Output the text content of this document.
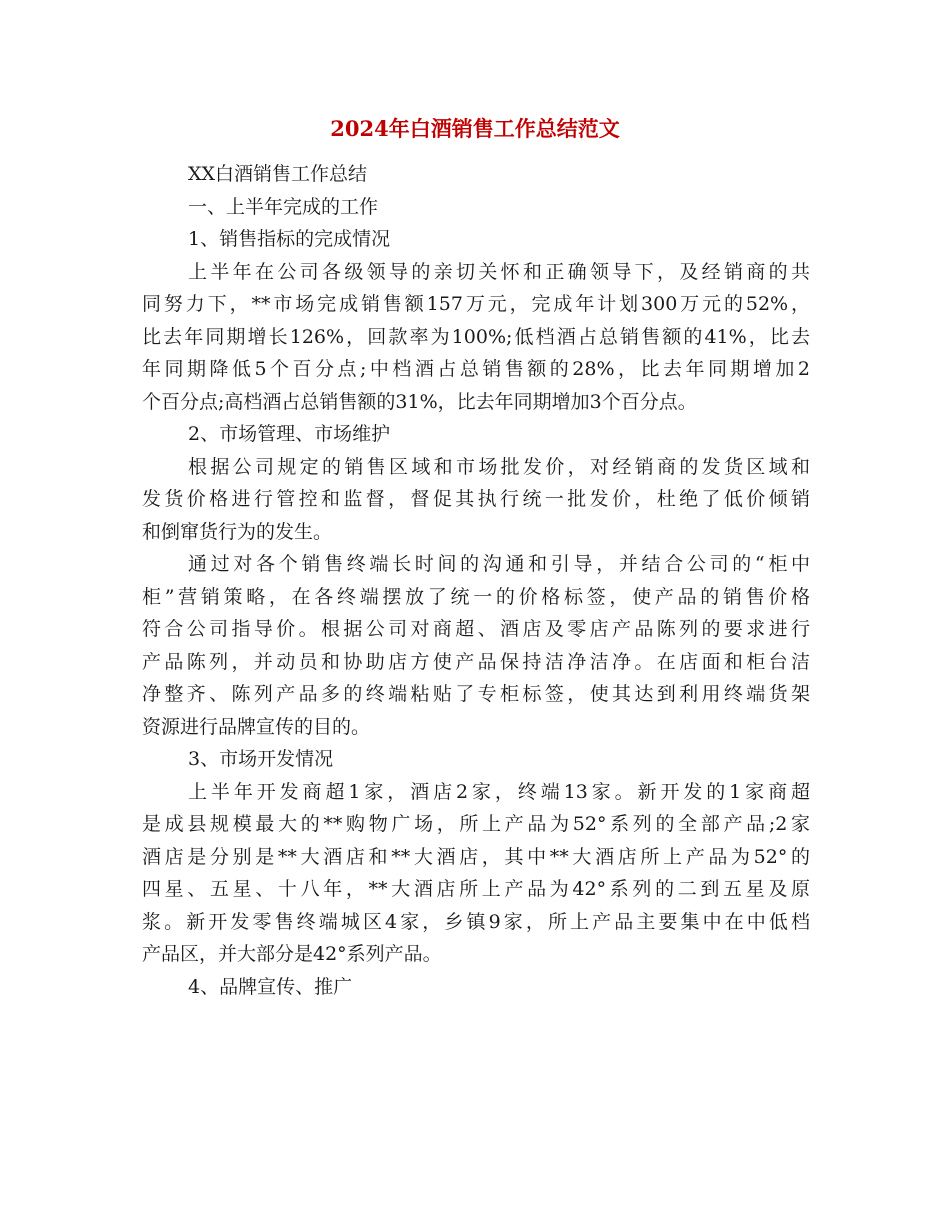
2024年白酒销售工作总结范文

XX白酒销售工作总结

一、上半年完成的工作

1、销售指标的完成情况

上半年在公司各级领导的亲切关怀和正确领导下，及经销商的共

同努力下，**市场完成销售额157万元，完成年计划300万元的52%，

比去年同期增长126%，回款率为100%;低档酒占总销售额的41%，比去

年同期降低5个百分点;中档酒占总销售额的28%，比去年同期增加2

个百分点;高档酒占总销售额的31%，比去年同期增加3个百分点。

2、市场管理、市场维护

根据公司规定的销售区域和市场批发价，对经销商的发货区域和

发货价格进行管控和监督，督促其执行统一批发价，杜绝了低价倾销

和倒窜货行为的发生。

通过对各个销售终端长时间的沟通和引导，并结合公司的“柜中

柜”营销策略，在各终端摆放了统一的价格标签，使产品的销售价格

符合公司指导价。根据公司对商超、酒店及零店产品陈列的要求进行

产品陈列，并动员和协助店方使产品保持洁净洁净。在店面和柜台洁

净整齐、陈列产品多的终端粘贴了专柜标签，使其达到利用终端货架

资源进行品牌宣传的目的。

3、市场开发情况

上半年开发商超1家，酒店2家，终端13家。新开发的1家商超

是成县规模最大的**购物广场，所上产品为52°系列的全部产品;2家

酒店是分别是**大酒店和**大酒店，其中**大酒店所上产品为52°的

四星、五星、十八年，**大酒店所上产品为42°系列的二到五星及原

浆。新开发零售终端城区4家，乡镇9家，所上产品主要集中在中低档

产品区，并大部分是42°系列产品。

4、品牌宣传、推广
